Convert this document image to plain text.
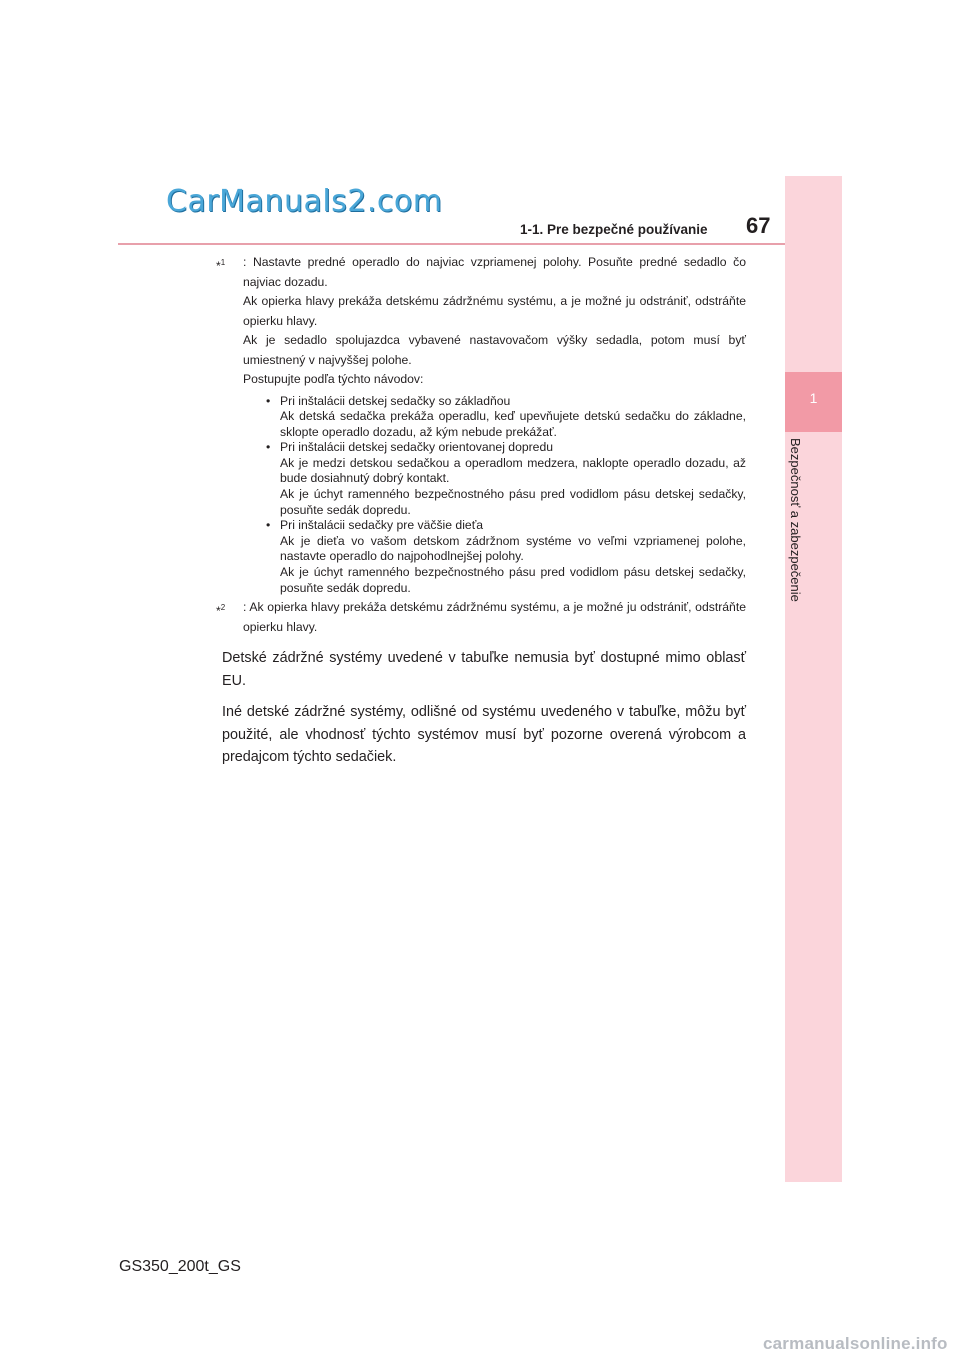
CarManuals2.com
1-1. Pre bezpečné používanie 67
1
Bezpečnosť a zabezpečenie
*$^1$ : Nastavte predné operadlo do najviac vzpriamenej polohy. Posuňte predné sedadlo čo najviac dozadu.

Ak opierka hlavy prekáža detskému zádržnému systému, a je možné ju odstrániť, odstráňte opierku hlavy.

Ak je sedadlo spolujazdca vybavené nastavovačom výšky sedadla, potom musí byť umiestnený v najvyššej polohe.

Postupujte podľa týchto návodov:

• Pri inštalácii detskej sedačky so základňou

Ak detská sedačka prekáža operadlu, keď upevňujete detskú sedačku do základne, sklopte operadlo dozadu, až kým nebude prekážať.

• Pri inštalácii detskej sedačky orientovanej dopredu

Ak je medzi detskou sedačkou a operadlom medzera, naklopte operadlo dozadu, až bude dosiahnutý dobrý kontakt.

Ak je úchyt ramenného bezpečnostného pásu pred vodidlom pásu detskej sedačky, posuňte sedák dopredu.

• Pri inštalácii sedačky pre väčšie dieťa

Ak je dieťa vo vašom detskom zádržnom systéme vo veľmi vzpriamenej polohe, nastavte operadlo do najpohodlnejšej polohy.

Ak je úchyt ramenného bezpečnostného pásu pred vodidlom pásu detskej sedačky, posuňte sedák dopredu.

*$^2$ : Ak opierka hlavy prekáža detskému zádržnému systému, a je možné ju odstrániť, odstráňte opierku hlavy.

Detské zádržné systémy uvedené v tabuľke nemusia byť dostupné mimo oblasť EU.

Iné detské zádržné systémy, odlišné od systému uvedeného v tabuľke, môžu byť použité, ale vhodnosť týchto systémov musí byť pozorne overená výrobcom a predajcom týchto sedačiek.

GS350_200t_GS
carmanualsonline.info
